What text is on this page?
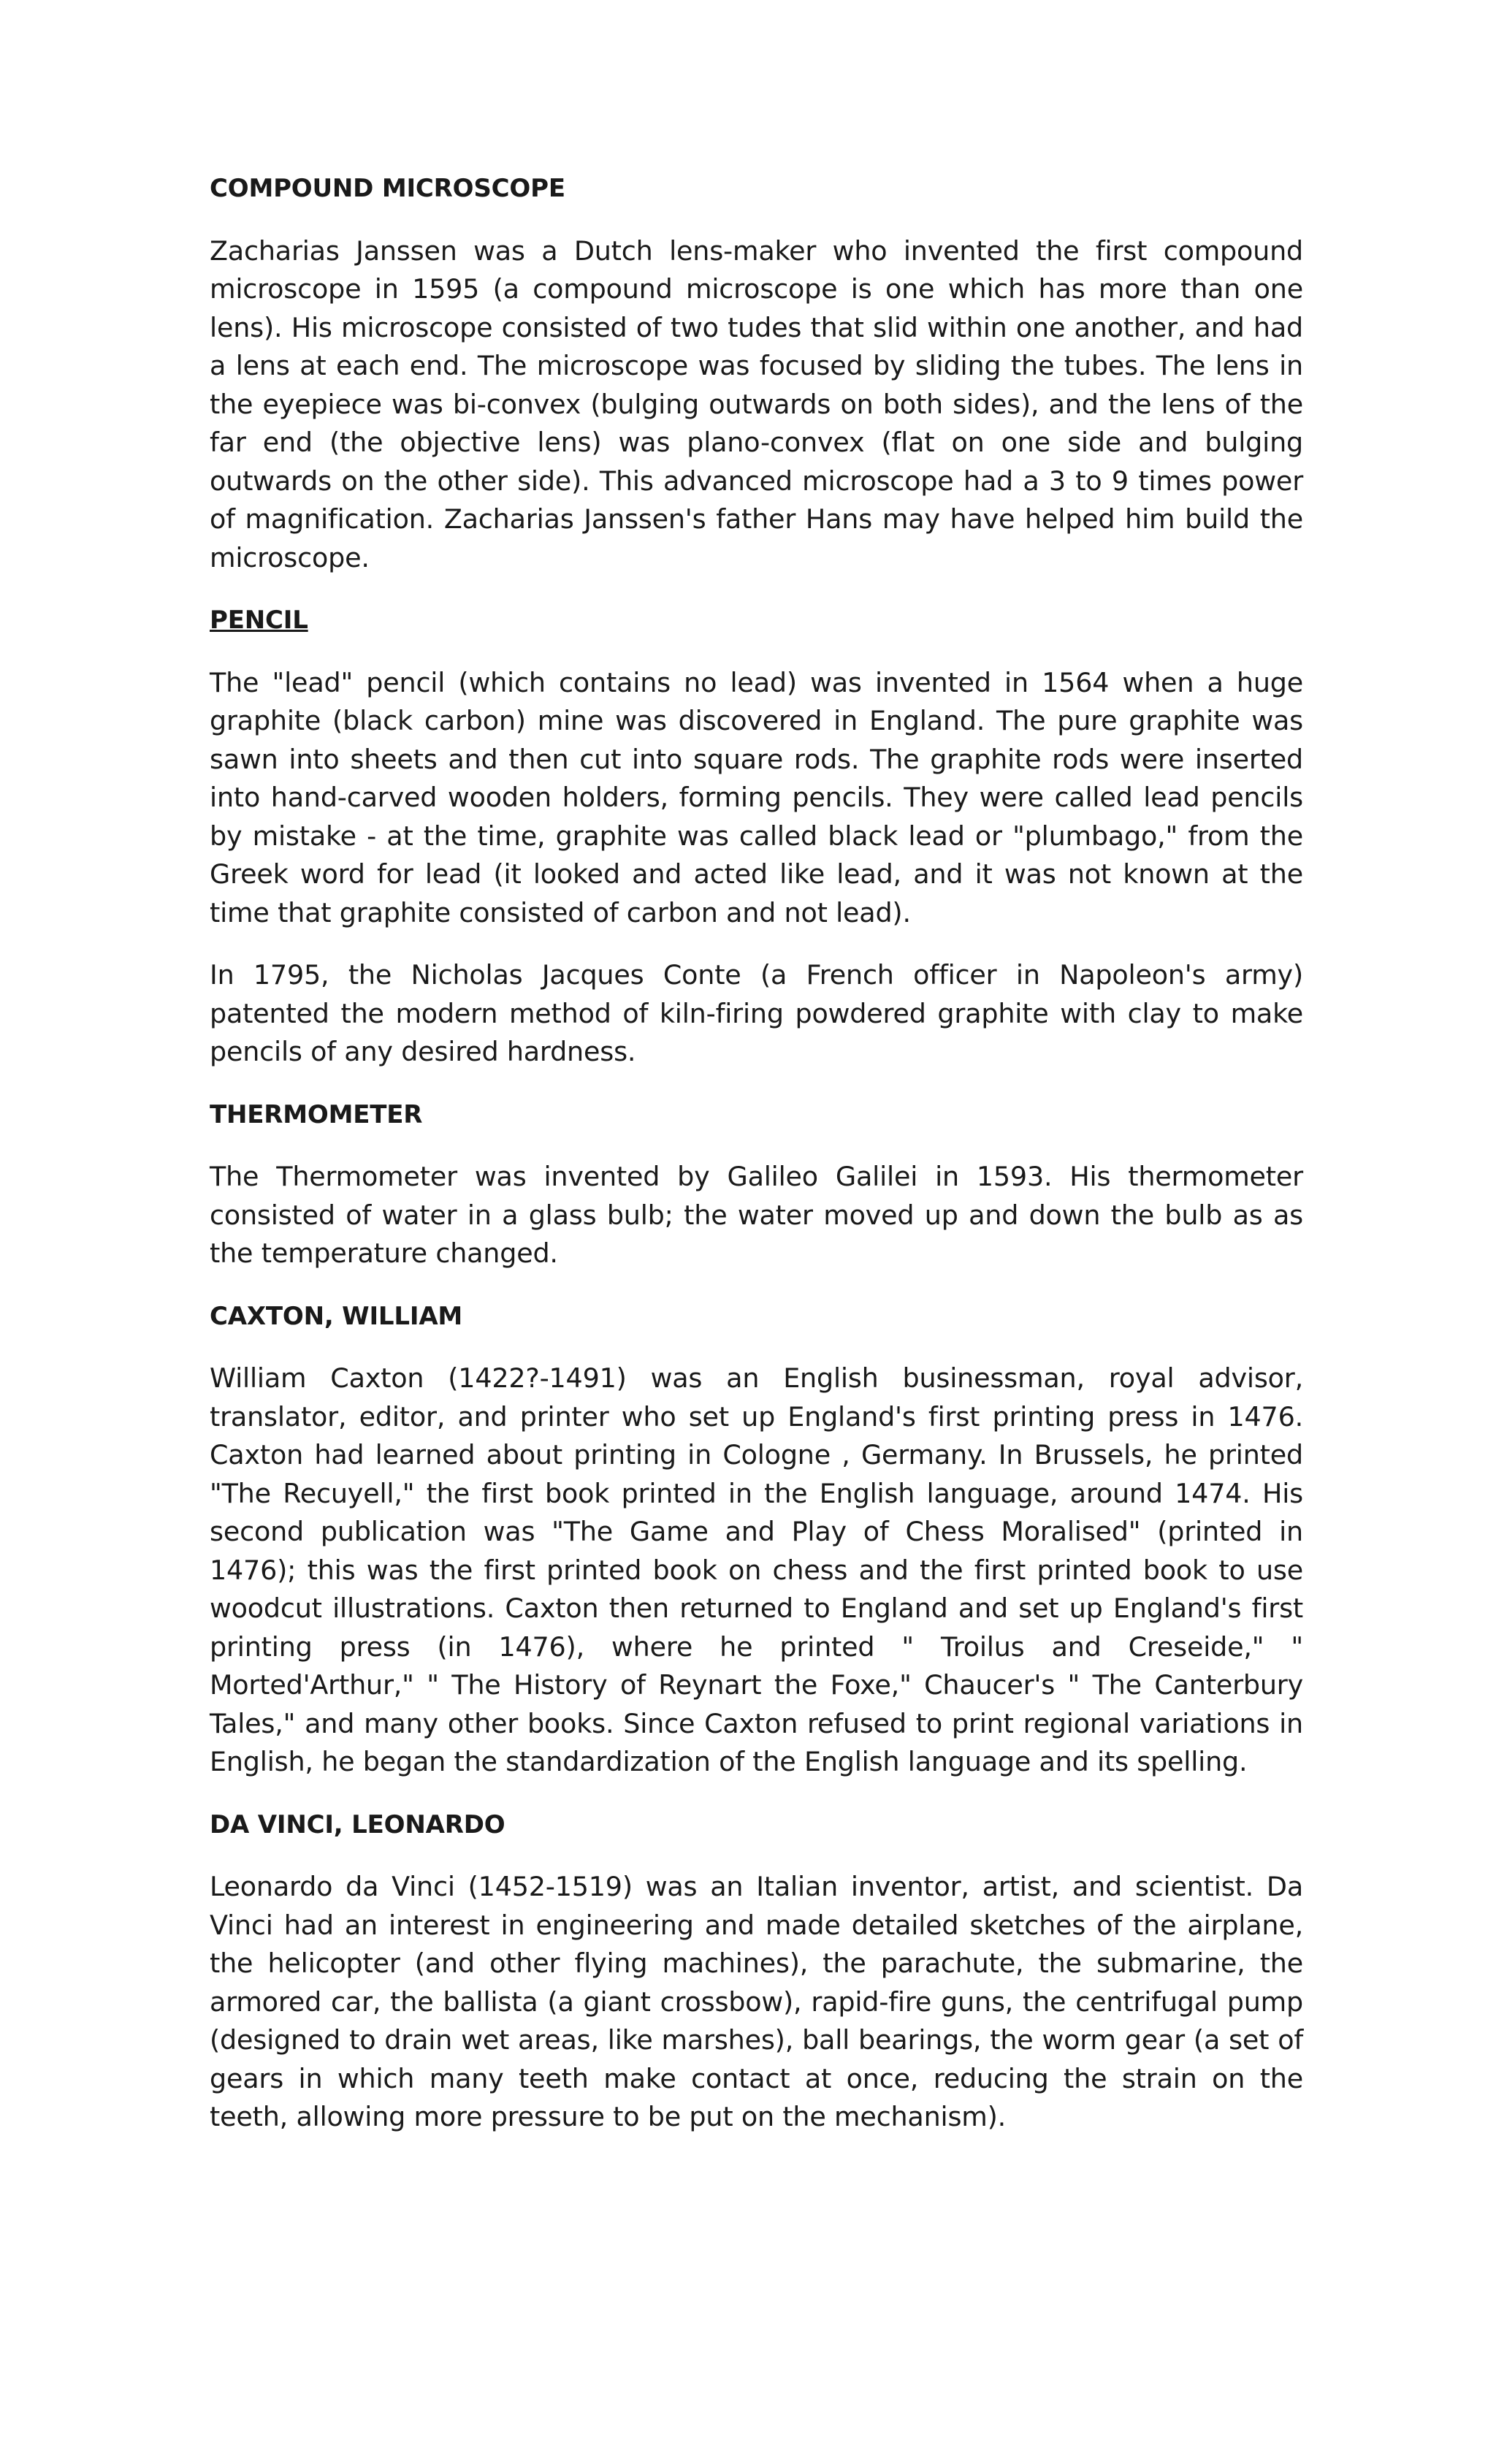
COMPOUND MICROSCOPE

Zacharias Janssen was a Dutch lens-maker who invented the first compound microscope in 1595 (a compound microscope is one which has more than one lens). His microscope consisted of two tudes that slid within one another, and had a lens at each end. The microscope was focused by sliding the tubes. The lens in the eyepiece was bi-convex (bulging outwards on both sides), and the lens of the far end (the objective lens) was plano-convex (flat on one side and bulging outwards on the other side). This advanced microscope had a 3 to 9 times power of magnification. Zacharias Janssen's father Hans may have helped him build the microscope.

PENCIL

The "lead" pencil (which contains no lead) was invented in 1564 when a huge graphite (black carbon) mine was discovered in England. The pure graphite was sawn into sheets and then cut into square rods. The graphite rods were inserted into hand-carved wooden holders, forming pencils. They were called lead pencils by mistake - at the time, graphite was called black lead or "plumbago," from the Greek word for lead (it looked and acted like lead, and it was not known at the time that graphite consisted of carbon and not lead).

In 1795, the Nicholas Jacques Conte (a French officer in Napoleon's army) patented the modern method of kiln-firing powdered graphite with clay to make pencils of any desired hardness.

THERMOMETER

The Thermometer was invented by Galileo Galilei in 1593. His thermometer consisted of water in a glass bulb; the water moved up and down the bulb as as the temperature changed.

CAXTON, WILLIAM

William Caxton (1422?-1491) was an English businessman, royal advisor, translator, editor, and printer who set up England's first printing press in 1476. Caxton had learned about printing in Cologne , Germany. In Brussels, he printed "The Recuyell," the first book printed in the English language, around 1474. His second publication was "The Game and Play of Chess Moralised" (printed in 1476); this was the first printed book on chess and the first printed book to use woodcut illustrations. Caxton then returned to England and set up England's first printing press (in 1476), where he printed " Troilus and Creseide," " Morted'Arthur," " The History of Reynart the Foxe," Chaucer's " The Canterbury Tales," and many other books. Since Caxton refused to print regional variations in English, he began the standardization of the English language and its spelling.

DA VINCI, LEONARDO

Leonardo da Vinci (1452-1519) was an Italian inventor, artist, and scientist. Da Vinci had an interest in engineering and made detailed sketches of the airplane, the helicopter (and other flying machines), the parachute, the submarine, the armored car, the ballista (a giant crossbow), rapid-fire guns, the centrifugal pump (designed to drain wet areas, like marshes), ball bearings, the worm gear (a set of gears in which many teeth make contact at once, reducing the strain on the teeth, allowing more pressure to be put on the mechanism).
